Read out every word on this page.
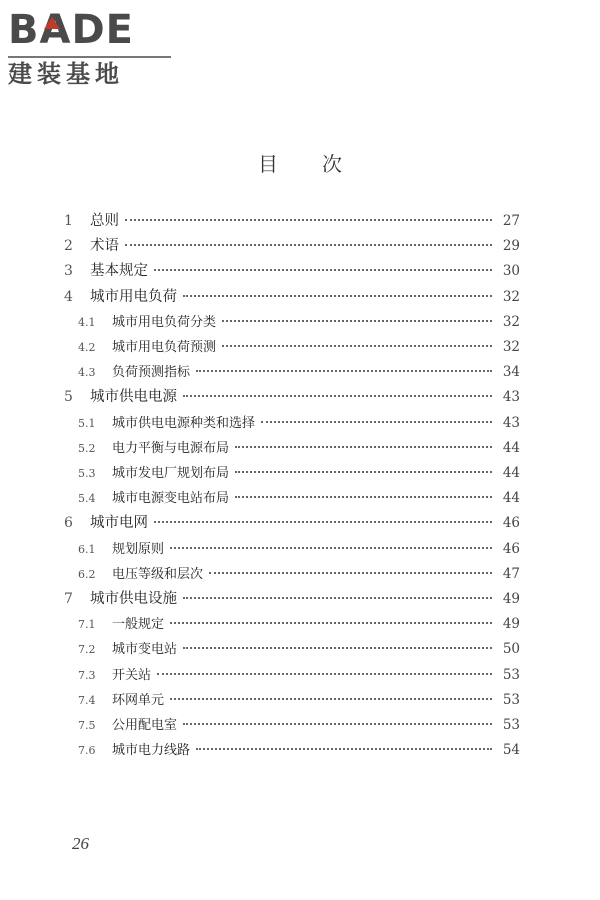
BADE
建装基地
目次
1	总则	27
2	术语	29
3	基本规定	30
4	城市用电负荷	32
4.1	城市用电负荷分类	32
4.2	城市用电负荷预测	32
4.3	负荷预测指标	34
5	城市供电电源	43
5.1	城市供电电源种类和选择	43
5.2	电力平衡与电源布局	44
5.3	城市发电厂规划布局	44
5.4	城市电源变电站布局	44
6	城市电网	46
6.1	规划原则	46
6.2	电压等级和层次	47
7	城市供电设施	49
7.1	一般规定	49
7.2	城市变电站	50
7.3	开关站	53
7.4	环网单元	53
7.5	公用配电室	53
7.6	城市电力线路	54
26
